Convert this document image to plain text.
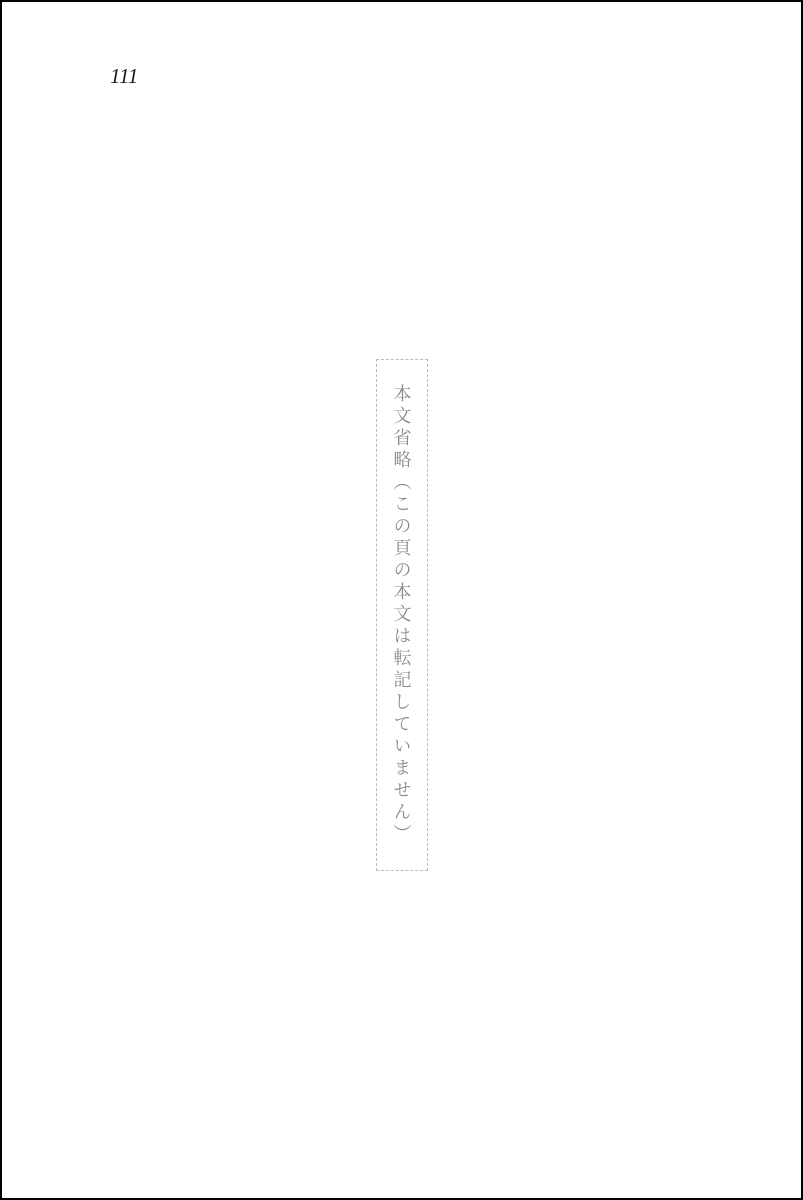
111
本文省略（この頁の本文は転記していません）
